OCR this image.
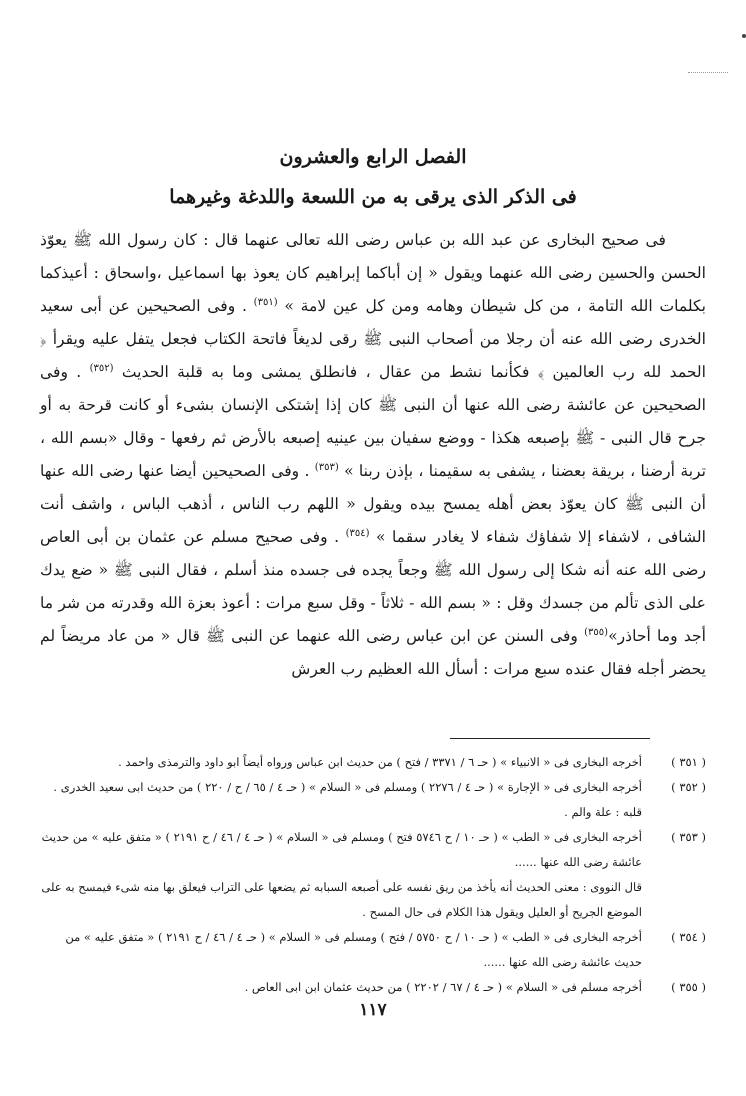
الفصل الرابع والعشرون
فى الذكر الذى يرقى به من اللسعة واللدغة وغيرهما

فى صحيح البخارى عن عبد الله بن عباس رضى الله تعالى عنهما قال : كان رسول الله ﷺ يعوّذ الحسن والحسين رضى الله عنهما ويقول « إن أباكما إبراهيم كان يعوذ بها اسماعيل ،واسحاق : أعيذكما بكلمات الله التامة ، من كل شيطان وهامه ومن كل عين لامة » $^{(٣٥١)}$ . وفى الصحيحين عن أبى سعيد الخدرى رضى الله عنه أن رجلا من أصحاب النبى ﷺ رقى لديغاً فاتحة الكتاب فجعل يتفل عليه ويقرأ ﴿ الحمد لله رب العالمين ﴾ فكأنما نشط من عقال ، فانطلق يمشى وما به قلبة الحديث $^{(٣٥٢)}$ . وفى الصحيحين عن عائشة رضى الله عنها أن النبى ﷺ كان إذا إشتكى الإنسان بشىء أو كانت قرحة به أو جرح قال النبى - ﷺ بإصبعه هكذا - ووضع سفيان بين عينيه إصبعه بالأرض ثم رفعها - وقال «بسم الله ، تربة أرضنا ، بريقة بعضنا ، يشفى به سقيمنا ، بإذن ربنا » $^{(٣٥٣)}$ . وفى الصحيحين أيضا عنها رضى الله عنها أن النبى ﷺ كان يعوّذ بعض أهله يمسح بيده ويقول « اللهم رب الناس ، أذهب الباس ، واشف أنت الشافى ، لاشفاء إلا شفاؤك شفاء لا يغادر سقما » $^{(٣٥٤)}$ . وفى صحيح مسلم عن عثمان بن أبى العاص رضى الله عنه أنه شكا إلى رسول الله ﷺ وجعاً يجده فى جسده منذ أسلم ، فقال النبى ﷺ « ضع يدك على الذى تألم من جسدك وقل : « بسم الله - ثلاثاً - وقل سبع مرات : أعوذ بعزة الله وقدرته من شر ما أجد وما أحاذر»$^{(٣٥٥)}$ وفى السنن عن ابن عباس رضى الله عنهما عن النبى ﷺ قال « من عاد مريضاً لم يحضر أجله فقال عنده سبع مرات : أسأل الله العظيم رب العرش

( ٣٥١ )
أخرجه البخارى فى « الانبياء » ( حـ ٦ / ٣٣٧١ / فتح ) من حديث ابن عباس ورواه أيضاً ابو داود والترمذى واحمد .
( ٣٥٢ )
أخرجه البخارى فى « الإجارة » ( حـ ٤ / ٢٢٧٦ ) ومسلم فى « السلام » ( حـ ٤ / ٦٥ / ح / ٢٢٠ ) من حديث ابى سعيد الخدرى . قلبه : علة والم .
( ٣٥٣ )
أخرجه البخارى فى « الطب » ( حـ ١٠ / ح ٥٧٤٦ فتح ) ومسلم فى « السلام » ( حـ ٤ / ٤٦ / ح ٢١٩١ ) « متفق عليه » من حديث عائشة رضى الله عنها ......
قال النووى : معنى الحديث أنه يأخذ من ريق نفسه على أصبعه السبابه ثم يضعها على التراب فيعلق بها منه شىء فيمسح به على الموضع الجريح أو العليل ويقول هذا الكلام فى حال المسح .
( ٣٥٤ )
أخرجه البخارى فى « الطب » ( حـ ١٠ / ح ٥٧٥٠ / فتح ) ومسلم فى « السلام » ( حـ ٤ / ٤٦ / ح ٢١٩١ ) « متفق عليه » من حديث عائشة رضى الله عنها ......
( ٣٥٥ )
أخرجه مسلم فى « السلام » ( حـ ٤ / ٦٧ / ٢٢٠٢ ) من حديث عثمان ابن ابى العاص .
١١٧
